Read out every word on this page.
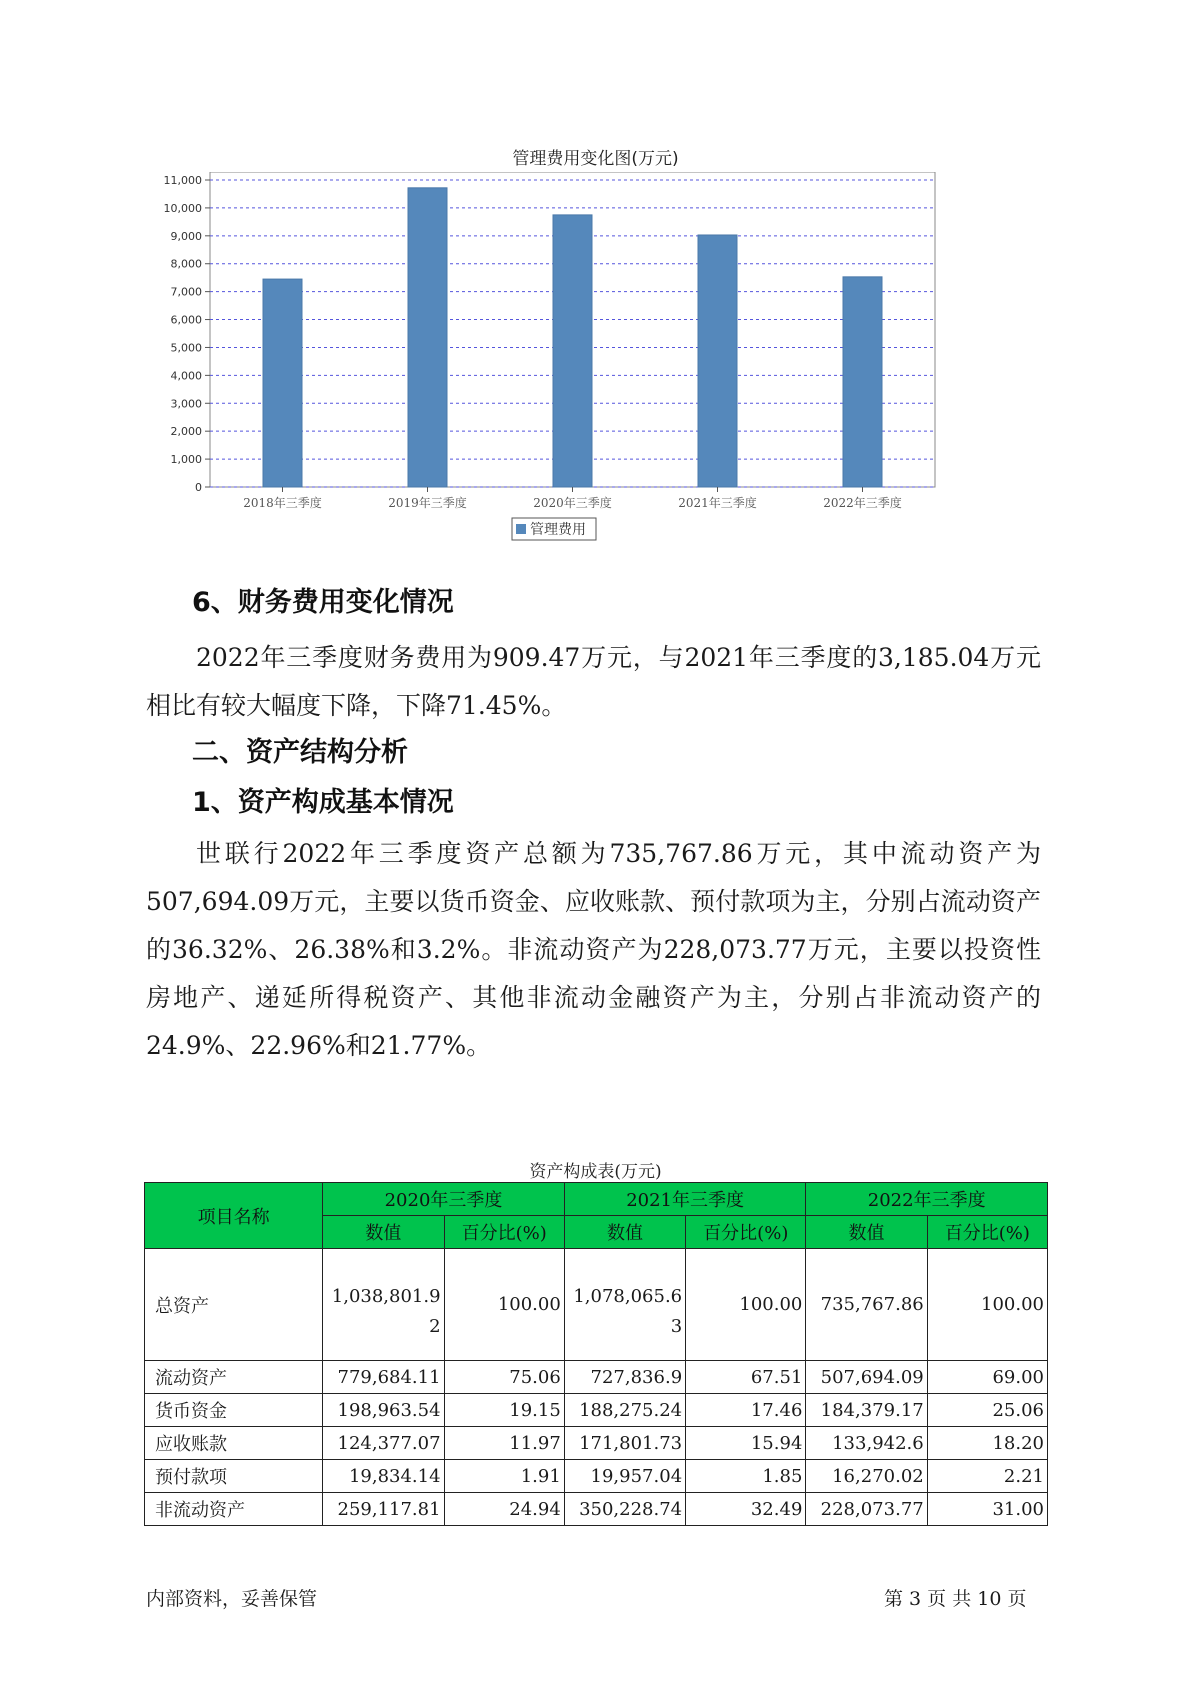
管理费用变化图(万元)
0
1,000
2,000
3,000
4,000
5,000
6,000
7,000
8,000
9,000
10,000
11,000
2018年三季度	2019年三季度	2020年三季度	2021年三季度	2022年三季度
管理费用
6、财务费用变化情况
2022年三季度财务费用为909.47万元，与2021年三季度的3,185.04万元相比有较大幅度下降，下降71.45%。
二、资产结构分析
1、资产构成基本情况
世联行2022年三季度资产总额为735,767.86万元，其中流动资产为507,694.09万元，主要以货币资金、应收账款、预付款项为主，分别占流动资产的36.32%、26.38%和3.2%。非流动资产为228,073.77万元，主要以投资性房地产、递延所得税资产、其他非流动金融资产为主，分别占非流动资产的24.9%、22.96%和21.77%。
资产构成表(万元)
项目名称	2020年三季度		2021年三季度		2022年三季度	
	数值	百分比(%)	数值	百分比(%)	数值	百分比(%)
总资产	1,038,801.92	100.00	1,078,065.63	100.00	735,767.86	100.00
流动资产	779,684.11	75.06	727,836.9	67.51	507,694.09	69.00
货币资金	198,963.54	19.15	188,275.24	17.46	184,379.17	25.06
应收账款	124,377.07	11.97	171,801.73	15.94	133,942.6	18.20
预付款项	19,834.14	1.91	19,957.04	1.85	16,270.02	2.21
非流动资产	259,117.81	24.94	350,228.74	32.49	228,073.77	31.00
内部资料，妥善保管	第 3 页 共 10 页
